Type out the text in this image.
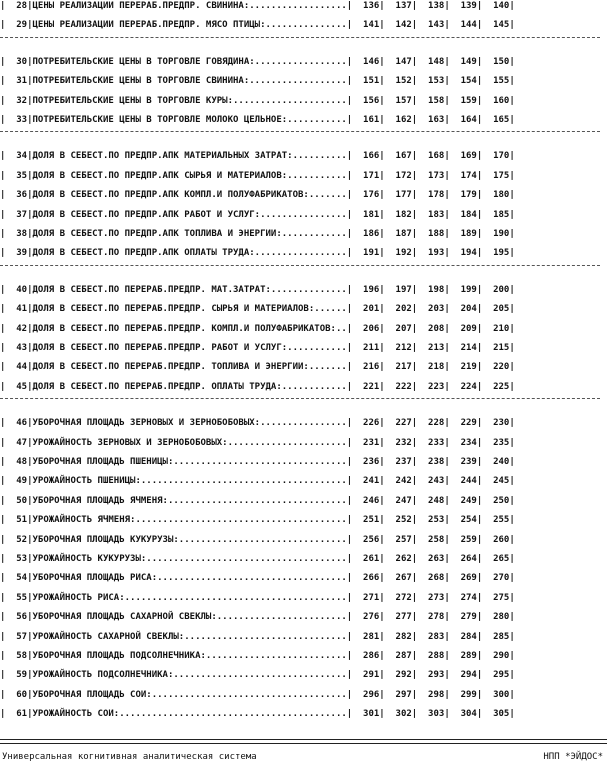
|  28|ЦЕНЫ РЕАЛИЗАЦИИ ПЕРЕРАБ.ПРЕДПР. СВИНИНА:..................|  136|  137|  138|  139|  140|
|  29|ЦЕНЫ РЕАЛИЗАЦИИ ПЕРЕРАБ.ПРЕДПР. МЯСО ПТИЦЫ:...............|  141|  142|  143|  144|  145|
|  30|ПОТРЕБИТЕЛЬСКИЕ ЦЕНЫ В ТОРГОВЛЕ ГОВЯДИНА:.................|  146|  147|  148|  149|  150|
|  31|ПОТРЕБИТЕЛЬСКИЕ ЦЕНЫ В ТОРГОВЛЕ СВИНИНА:..................|  151|  152|  153|  154|  155|
|  32|ПОТРЕБИТЕЛЬСКИЕ ЦЕНЫ В ТОРГОВЛЕ КУРЫ:.....................|  156|  157|  158|  159|  160|
|  33|ПОТРЕБИТЕЛЬСКИЕ ЦЕНЫ В ТОРГОВЛЕ МОЛОКО ЦЕЛЬНОЕ:...........|  161|  162|  163|  164|  165|
|  34|ДОЛЯ В СЕБЕСТ.ПО ПРЕДПР.АПК МАТЕРИАЛЬНЫХ ЗАТРАТ:..........|  166|  167|  168|  169|  170|
|  35|ДОЛЯ В СЕБЕСТ.ПО ПРЕДПР.АПК СЫРЬЯ И МАТЕРИАЛОВ:...........|  171|  172|  173|  174|  175|
|  36|ДОЛЯ В СЕБЕСТ.ПО ПРЕДПР.АПК КОМПЛ.И ПОЛУФАБРИКАТОВ:.......|  176|  177|  178|  179|  180|
|  37|ДОЛЯ В СЕБЕСТ.ПО ПРЕДПР.АПК РАБОТ И УСЛУГ:................|  181|  182|  183|  184|  185|
|  38|ДОЛЯ В СЕБЕСТ.ПО ПРЕДПР.АПК ТОПЛИВА И ЭНЕРГИИ:............|  186|  187|  188|  189|  190|
|  39|ДОЛЯ В СЕБЕСТ.ПО ПРЕДПР.АПК ОПЛАТЫ ТРУДА:.................|  191|  192|  193|  194|  195|
|  40|ДОЛЯ В СЕБЕСТ.ПО ПЕРЕРАБ.ПРЕДПР. МАТ.ЗАТРАТ:..............|  196|  197|  198|  199|  200|
|  41|ДОЛЯ В СЕБЕСТ.ПО ПЕРЕРАБ.ПРЕДПР. СЫРЬЯ И МАТЕРИАЛОВ:......|  201|  202|  203|  204|  205|
|  42|ДОЛЯ В СЕБЕСТ.ПО ПЕРЕРАБ.ПРЕДПР. КОМПЛ.И ПОЛУФАБРИКАТОВ:..|  206|  207|  208|  209|  210|
|  43|ДОЛЯ В СЕБЕСТ.ПО ПЕРЕРАБ.ПРЕДПР. РАБОТ И УСЛУГ:...........|  211|  212|  213|  214|  215|
|  44|ДОЛЯ В СЕБЕСТ.ПО ПЕРЕРАБ.ПРЕДПР. ТОПЛИВА И ЭНЕРГИИ:.......|  216|  217|  218|  219|  220|
|  45|ДОЛЯ В СЕБЕСТ.ПО ПЕРЕРАБ.ПРЕДПР. ОПЛАТЫ ТРУДА:............|  221|  222|  223|  224|  225|
|  46|УБОРОЧНАЯ ПЛОЩАДЬ ЗЕРНОВЫХ И ЗЕРНОБОБОВЫХ:................|  226|  227|  228|  229|  230|
|  47|УРОЖАЙНОСТЬ ЗЕРНОВЫХ И ЗЕРНОБОБОВЫХ:......................|  231|  232|  233|  234|  235|
|  48|УБОРОЧНАЯ ПЛОЩАДЬ ПШЕНИЦЫ:................................|  236|  237|  238|  239|  240|
|  49|УРОЖАЙНОСТЬ ПШЕНИЦЫ:......................................|  241|  242|  243|  244|  245|
|  50|УБОРОЧНАЯ ПЛОЩАДЬ ЯЧМЕНЯ:.................................|  246|  247|  248|  249|  250|
|  51|УРОЖАЙНОСТЬ ЯЧМЕНЯ:.......................................|  251|  252|  253|  254|  255|
|  52|УБОРОЧНАЯ ПЛОЩАДЬ КУКУРУЗЫ:...............................|  256|  257|  258|  259|  260|
|  53|УРОЖАЙНОСТЬ КУКУРУЗЫ:.....................................|  261|  262|  263|  264|  265|
|  54|УБОРОЧНАЯ ПЛОЩАДЬ РИСА:...................................|  266|  267|  268|  269|  270|
|  55|УРОЖАЙНОСТЬ РИСА:.........................................|  271|  272|  273|  274|  275|
|  56|УБОРОЧНАЯ ПЛОЩАДЬ САХАРНОЙ СВЕКЛЫ:........................|  276|  277|  278|  279|  280|
|  57|УРОЖАЙНОСТЬ САХАРНОЙ СВЕКЛЫ:..............................|  281|  282|  283|  284|  285|
|  58|УБОРОЧНАЯ ПЛОЩАДЬ ПОДСОЛНЕЧНИКА:..........................|  286|  287|  288|  289|  290|
|  59|УРОЖАЙНОСТЬ ПОДСОЛНЕЧНИКА:................................|  291|  292|  293|  294|  295|
|  60|УБОРОЧНАЯ ПЛОЩАДЬ СОИ:....................................|  296|  297|  298|  299|  300|
|  61|УРОЖАЙНОСТЬ СОИ:..........................................|  301|  302|  303|  304|  305|
Универсальная когнитивная аналитическая система	НПП *ЭЙДОС*
